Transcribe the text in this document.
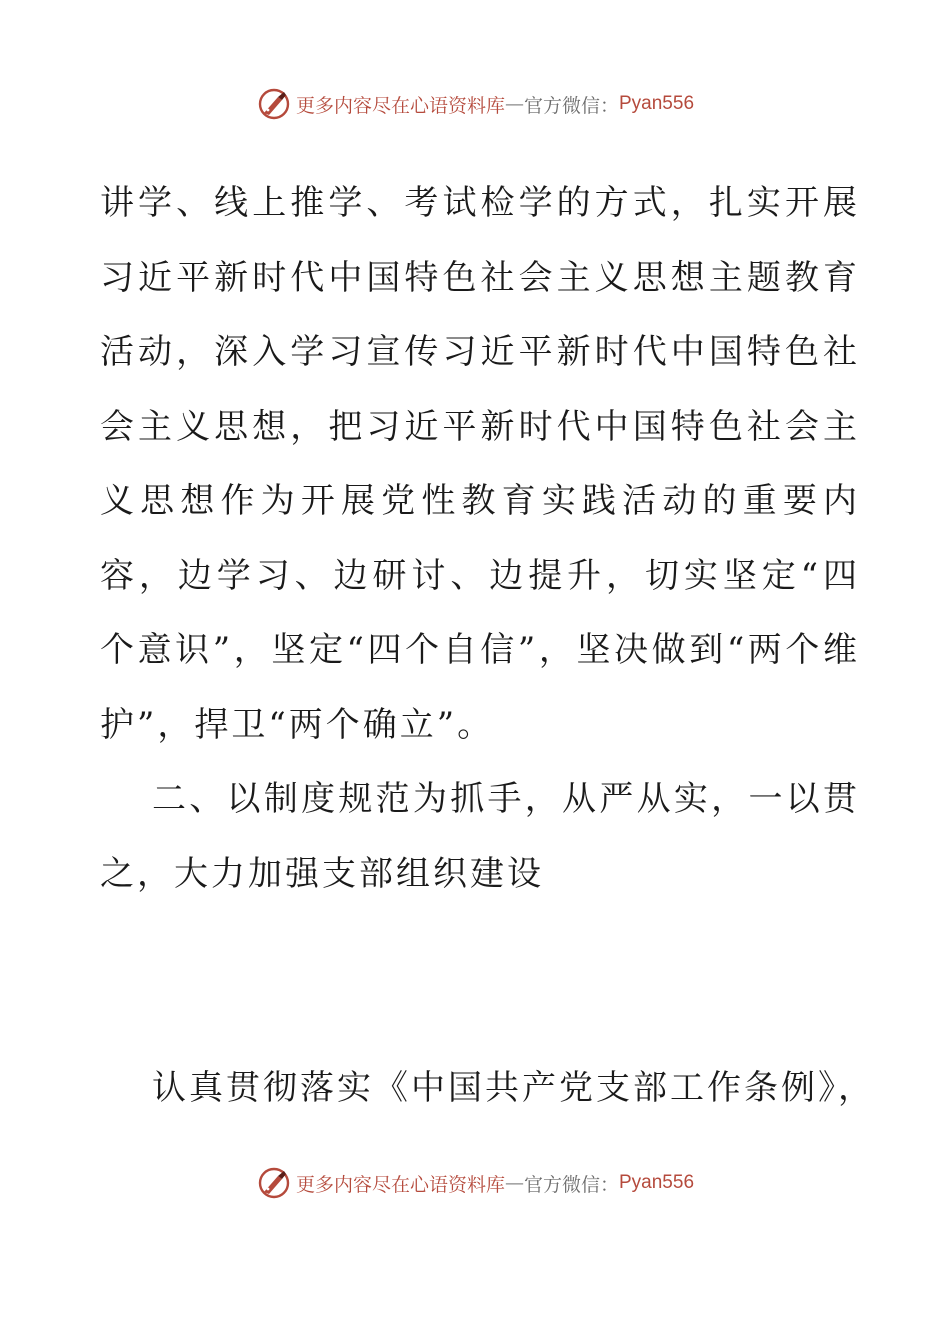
更多内容尽在心语资料库 — 官方微信： Pyan556

讲学、线上推学、考试检学的方式，扎实开展习近平新时代中国特色社会主义思想主题教育活动，深入学习宣传习近平新时代中国特色社会主义思想，把习近平新时代中国特色社会主义思想作为开展党性教育实践活动的重要内容，边学习、边研讨、边提升，切实坚定“四个意识”，坚定“四个自信”，坚决做到“两个维护”，捍卫“两个确立”。

二、以制度规范为抓手，从严从实，一以贯之，大力加强支部组织建设

认真贯彻落实《中国共产党支部工作条例》，
更多内容尽在心语资料库 — 官方微信： Pyan556
